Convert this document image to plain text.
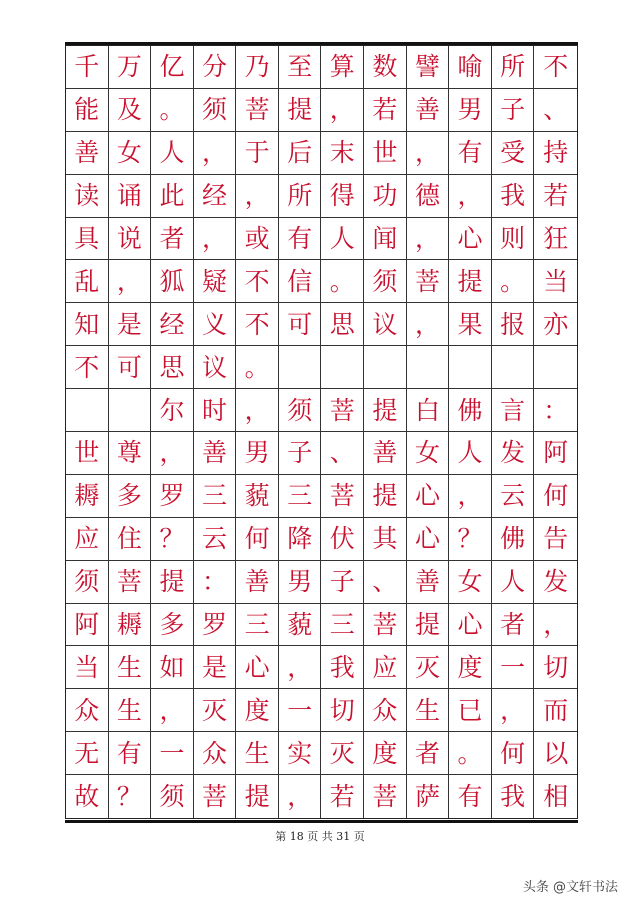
千 万 亿 分 乃 至 算 数 譬 喻 所 不
能 及 。 须 菩 提 ， 若 善 男 子 、
善 女 人 ， 于 后 末 世 ， 有 受 持
读 诵 此 经 ， 所 得 功 德 ， 我 若
具 说 者 ， 或 有 人 闻 ， 心 则 狂
乱 ， 狐 疑 不 信 。 须 菩 提 。 当
知 是 经 义 不 可 思 议 ， 果 报 亦
不 可 思 议 。
尔 时 ， 须 菩 提 白 佛 言 ：
世 尊 ， 善 男 子 、 善 女 人 发 阿
耨 多 罗 三 藐 三 菩 提 心 ， 云 何
应 住 ？ 云 何 降 伏 其 心 ？ 佛 告
须 菩 提 ： 善 男 子 、 善 女 人 发
阿 耨 多 罗 三 藐 三 菩 提 心 者 ，
当 生 如 是 心 ， 我 应 灭 度 一 切
众 生 ， 灭 度 一 切 众 生 已 ， 而
无 有 一 众 生 实 灭 度 者 。 何 以
故 ？ 须 菩 提 ， 若 菩 萨 有 我 相
第 18 页 共 31 页
头条 @文轩书法
